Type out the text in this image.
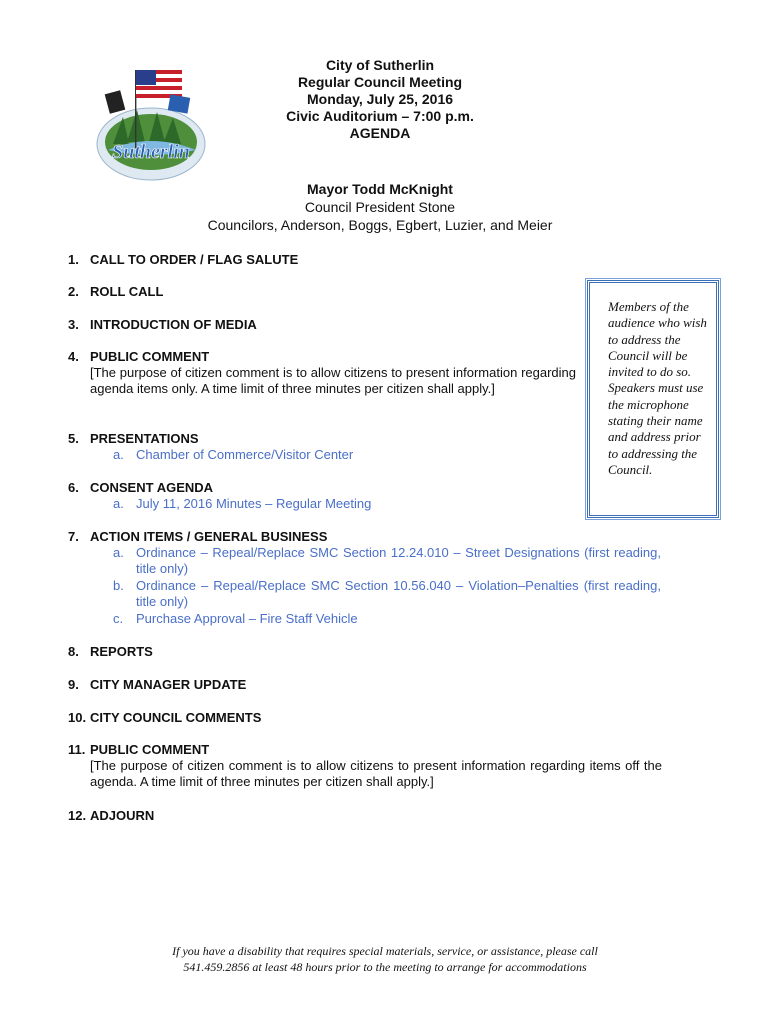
Sutherlin
City of Sutherlin
Regular Council Meeting
Monday, July 25, 2016
Civic Auditorium – 7:00 p.m.
AGENDA
Mayor Todd McKnight
Council President Stone
Councilors, Anderson, Boggs, Egbert, Luzier, and Meier
1. CALL TO ORDER / FLAG SALUTE
2. ROLL CALL
3. INTRODUCTION OF MEDIA
4. PUBLIC COMMENT
[The purpose of citizen comment is to allow citizens to present information regarding agenda items only. A time limit of three minutes per citizen shall apply.]
5. PRESENTATIONS
a. Chamber of Commerce/Visitor Center
6. CONSENT AGENDA
a. July 11, 2016 Minutes – Regular Meeting
7. ACTION ITEMS / GENERAL BUSINESS
a. Ordinance – Repeal/Replace SMC Section 12.24.010 – Street Designations (first reading, title only)
b. Ordinance – Repeal/Replace SMC Section 10.56.040 – Violation–Penalties (first reading, title only)
c. Purchase Approval – Fire Staff Vehicle
8. REPORTS
9. CITY MANAGER UPDATE
10. CITY COUNCIL COMMENTS
11. PUBLIC COMMENT
[The purpose of citizen comment is to allow citizens to present information regarding items off the agenda. A time limit of three minutes per citizen shall apply.]
12. ADJOURN

Members of the audience who wish to address the Council will be invited to do so. Speakers must use the microphone stating their name and address prior to addressing the Council.

If you have a disability that requires special materials, service, or assistance, please call
541.459.2856 at least 48 hours prior to the meeting to arrange for accommodations
